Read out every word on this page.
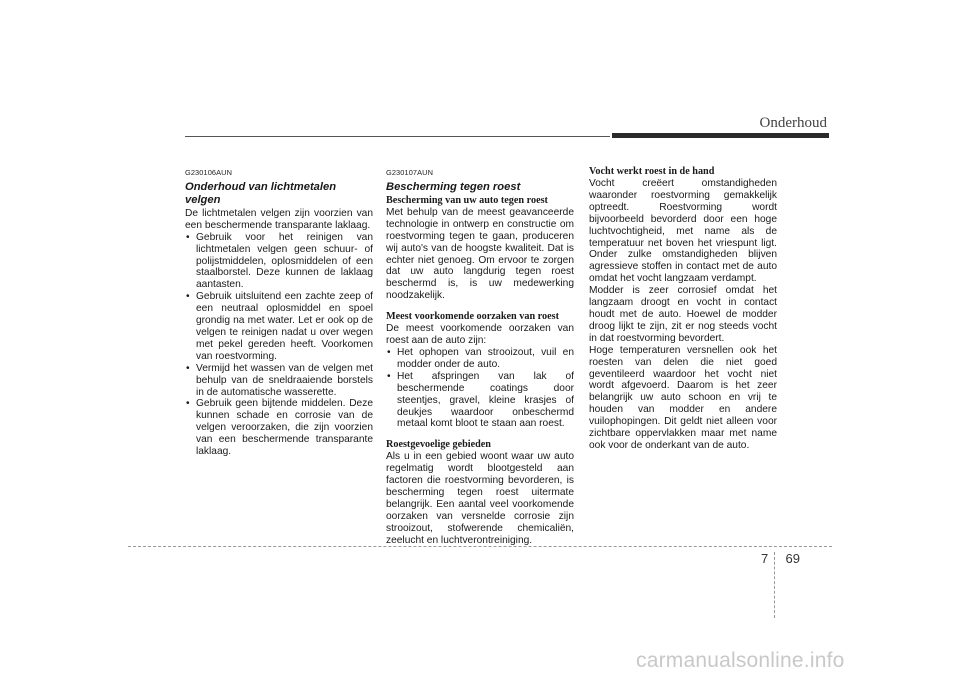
Onderhoud
G230106AUN
Onderhoud van lichtmetalen velgen

De lichtmetalen velgen zijn voorzien van een beschermende transparante laklaag.

• Gebruik voor het reinigen van lichtmetalen velgen geen schuur- of polijstmiddelen, oplosmiddelen of een staalborstel. Deze kunnen de laklaag aantasten.
• Gebruik uitsluitend een zachte zeep of een neutraal oplosmiddel en spoel grondig na met water. Let er ook op de velgen te reinigen nadat u over wegen met pekel gereden heeft. Voorkomen van roestvorming.
• Vermijd het wassen van de velgen met behulp van de sneldraaiende borstels in de automatische wasserette.
• Gebruik geen bijtende middelen. Deze kunnen schade en corrosie van de velgen veroorzaken, die zijn voorzien van een beschermende transparante laklaag.
G230107AUN
Bescherming tegen roest
Bescherming van uw auto tegen roest

Met behulp van de meest geavanceerde technologie in ontwerp en constructie om roestvorming tegen te gaan, produceren wij auto's van de hoogste kwaliteit. Dat is echter niet genoeg. Om ervoor te zorgen dat uw auto langdurig tegen roest beschermd is, is uw medewerking noodzakelijk.

Meest voorkomende oorzaken van roest

De meest voorkomende oorzaken van roest aan de auto zijn:

• Het ophopen van strooizout, vuil en modder onder de auto.
• Het afspringen van lak of beschermende coatings door steentjes, gravel, kleine krasjes of deukjes waardoor onbeschermd metaal komt bloot te staan aan roest.
Roestgevoelige gebieden

Als u in een gebied woont waar uw auto regelmatig wordt blootgesteld aan factoren die roestvorming bevorderen, is bescherming tegen roest uitermate belangrijk. Een aantal veel voorkomende oorzaken van versnelde corrosie zijn strooizout, stofwerende chemicaliën, zeelucht en luchtverontreiniging.

Vocht werkt roest in de hand

Vocht creëert omstandigheden waaronder roestvorming gemakkelijk optreedt. Roestvorming wordt bijvoorbeeld bevorderd door een hoge luchtvochtigheid, met name als de temperatuur net boven het vriespunt ligt. Onder zulke omstandigheden blijven agressieve stoffen in contact met de auto omdat het vocht langzaam verdampt.

Modder is zeer corrosief omdat het langzaam droogt en vocht in contact houdt met de auto. Hoewel de modder droog lijkt te zijn, zit er nog steeds vocht in dat roestvorming bevordert.

Hoge temperaturen versnellen ook het roesten van delen die niet goed geventileerd waardoor het vocht niet wordt afgevoerd. Daarom is het zeer belangrijk uw auto schoon en vrij te houden van modder en andere vuilophopingen. Dit geldt niet alleen voor zichtbare oppervlakken maar met name ook voor de onderkant van de auto.

7 69
carmanualsonline.info
